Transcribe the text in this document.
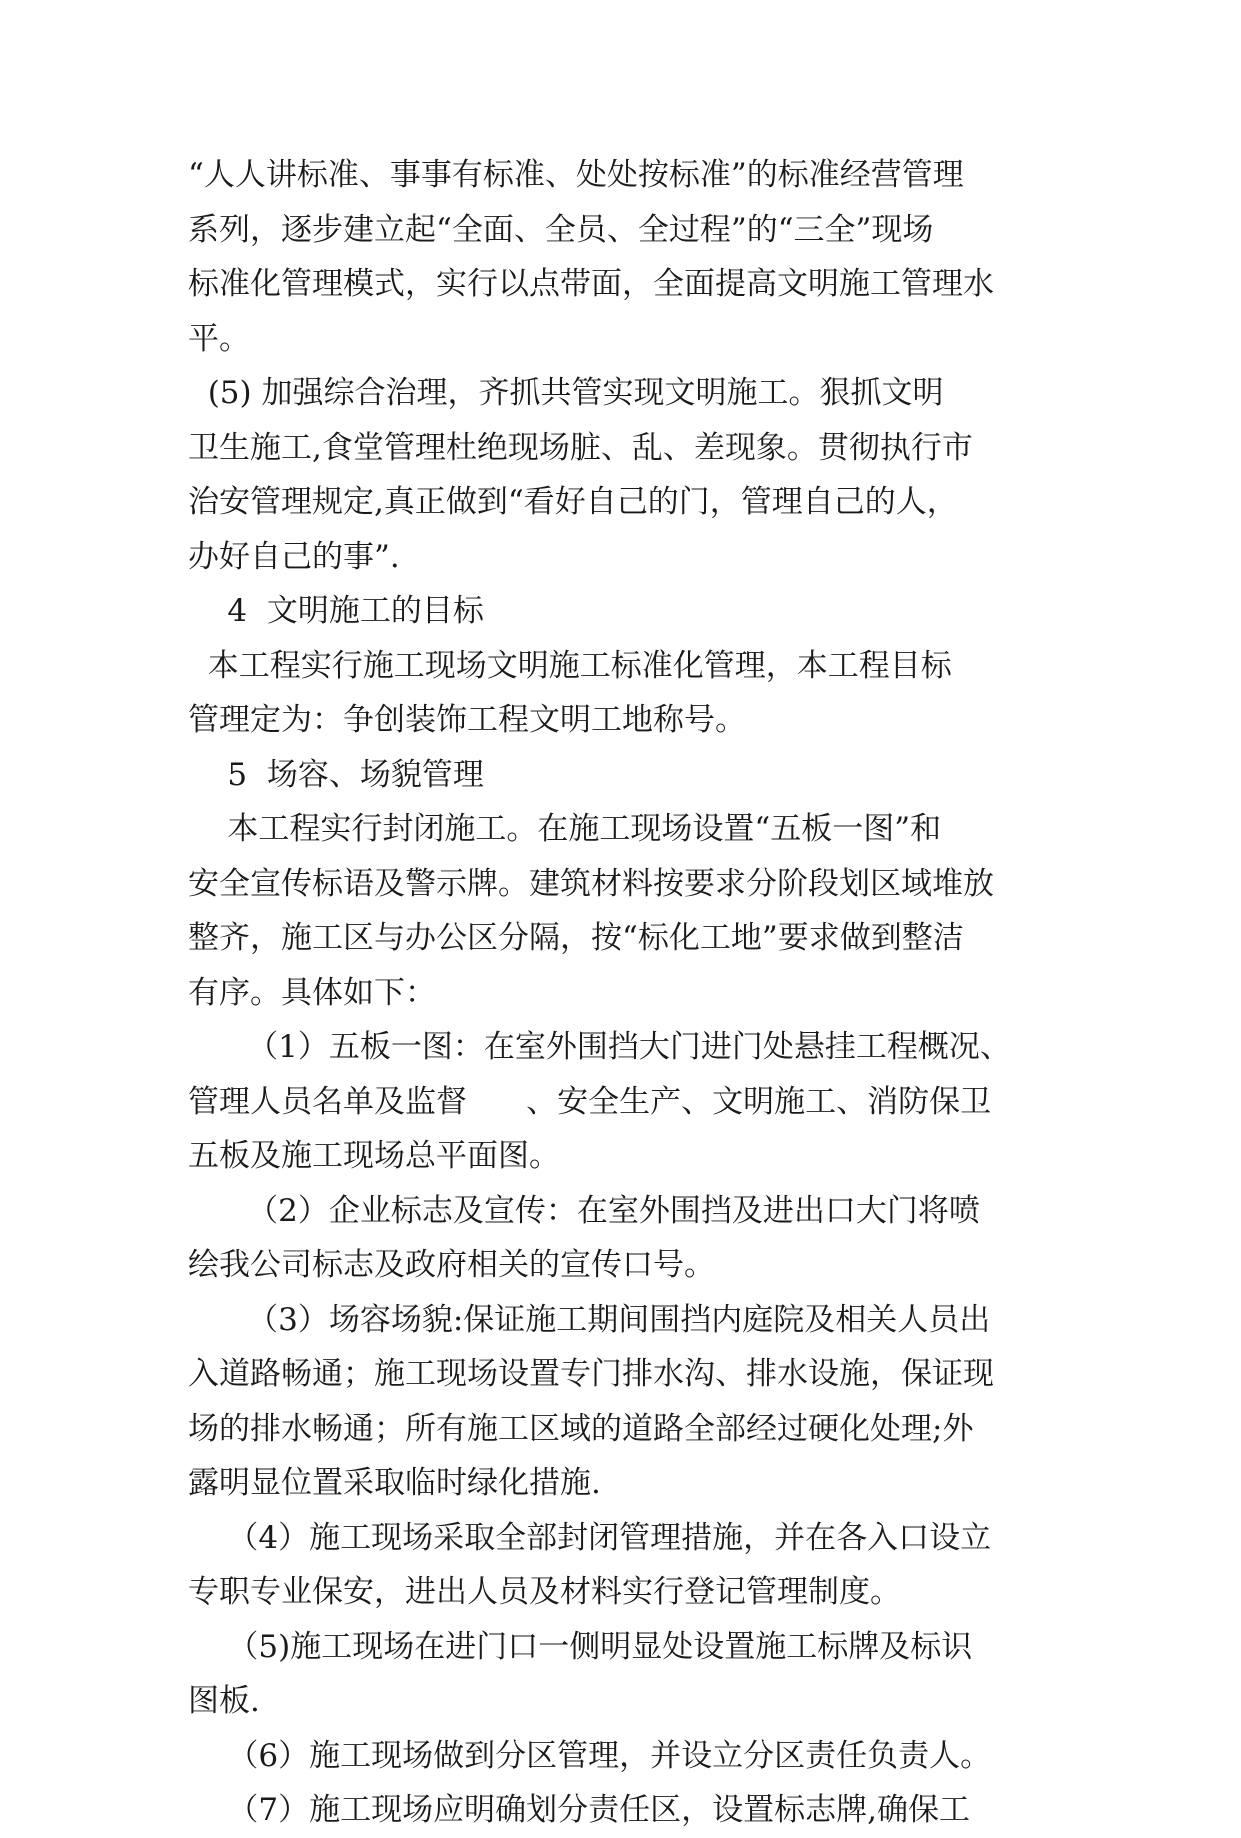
“人人讲标准、事事有标准、处处按标准”的标准经营管理
系列，逐步建立起“全面、全员、全过程”的“三全”现场
标准化管理模式，实行以点带面，全面提高文明施工管理水
平。
(5) 加强综合治理，齐抓共管实现文明施工。狠抓文明
卫生施工,食堂管理杜绝现场脏、乱、差现象。贯彻执行市
治安管理规定,真正做到“看好自己的门，管理自己的人，
办好自己的事”.
4  文明施工的目标
本工程实行施工现场文明施工标准化管理，本工程目标
管理定为：争创装饰工程文明工地称号。
5  场容、场貌管理
本工程实行封闭施工。在施工现场设置“五板一图”和
安全宣传标语及警示牌。建筑材料按要求分阶段划区域堆放
整齐，施工区与办公区分隔，按“标化工地”要求做到整洁
有序。具体如下：
（1）五板一图：在室外围挡大门进门处悬挂工程概况、
管理人员名单及监督      、安全生产、文明施工、消防保卫
五板及施工现场总平面图。
（2）企业标志及宣传：在室外围挡及进出口大门将喷
绘我公司标志及政府相关的宣传口号。
（3）场容场貌:保证施工期间围挡内庭院及相关人员出
入道路畅通；施工现场设置专门排水沟、排水设施，保证现
场的排水畅通；所有施工区域的道路全部经过硬化处理;外
露明显位置采取临时绿化措施.
（4）施工现场采取全部封闭管理措施，并在各入口设立
专职专业保安，进出人员及材料实行登记管理制度。
（5)施工现场在进门口一侧明显处设置施工标牌及标识
图板.
（6）施工现场做到分区管理，并设立分区责任负责人。
（7）施工现场应明确划分责任区，设置标志牌,确保工
